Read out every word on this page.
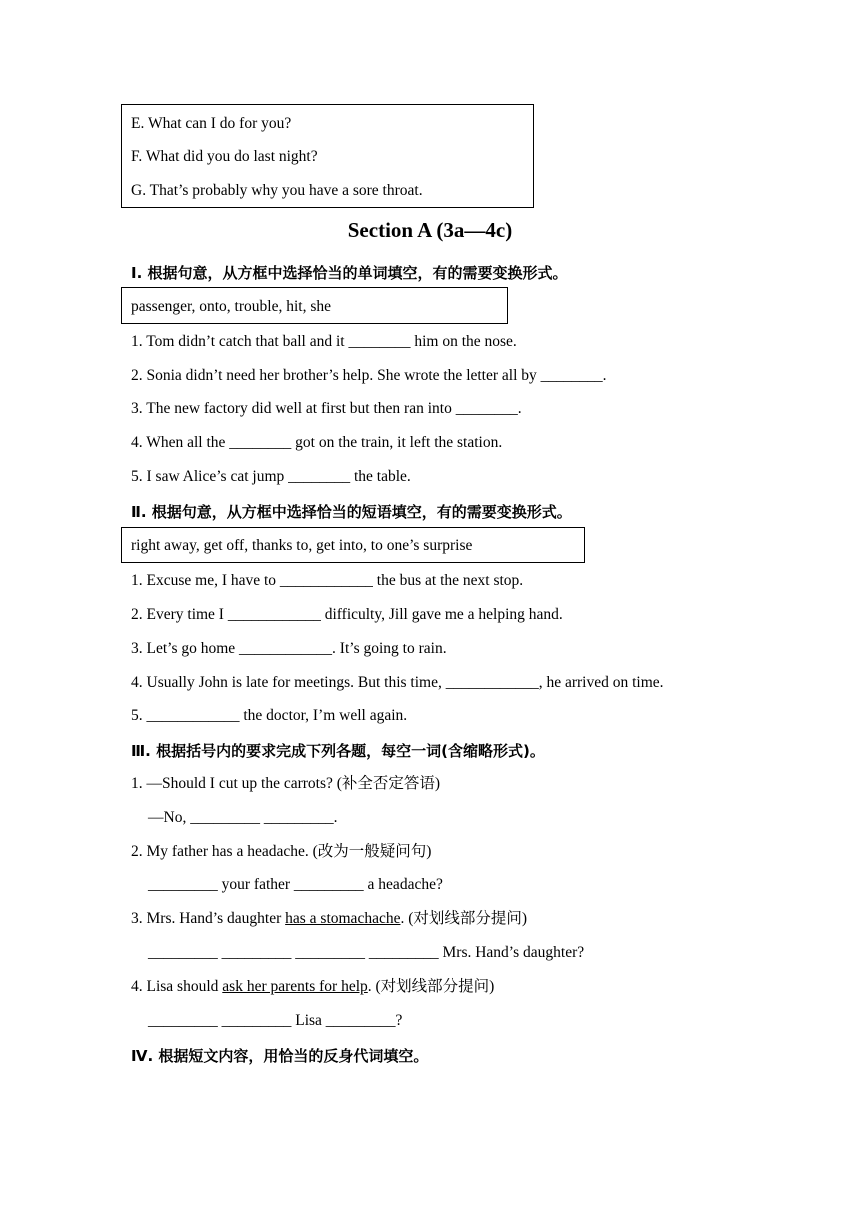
E. What can I do for you?
F. What did you do last night?
G. That’s probably why you have a sore throat.
Section A (3a—4c)
Ⅰ. 根据句意，从方框中选择恰当的单词填空，有的需要变换形式。
passenger, onto, trouble, hit, she
1. Tom didn’t catch that ball and it ________ him on the nose.
2. Sonia didn’t need her brother’s help. She wrote the letter all by ________.
3. The new factory did well at first but then ran into ________.
4. When all the ________ got on the train, it left the station.
5. I saw Alice’s cat jump ________ the table.
Ⅱ. 根据句意，从方框中选择恰当的短语填空，有的需要变换形式。
right away, get off, thanks to, get into, to one’s surprise
1. Excuse me, I have to ____________ the bus at the next stop.
2. Every time I ____________ difficulty, Jill gave me a helping hand.
3. Let’s go home ____________. It’s going to rain.
4. Usually John is late for meetings. But this time, ____________, he arrived on time.
5. ____________ the doctor, I’m well again.
Ⅲ. 根据括号内的要求完成下列各题，每空一词(含缩略形式)。
1. —Should I cut up the carrots? (补全否定答语)
—No, _________ _________.
2. My father has a headache. (改为一般疑问句)
_________ your father _________ a headache?
3. Mrs. Hand’s daughter has a stomachache. (对划线部分提问)
_________ _________ _________ _________ Mrs. Hand’s daughter?
4. Lisa should ask her parents for help. (对划线部分提问)
_________ _________ Lisa _________?
Ⅳ. 根据短文内容，用恰当的反身代词填空。
